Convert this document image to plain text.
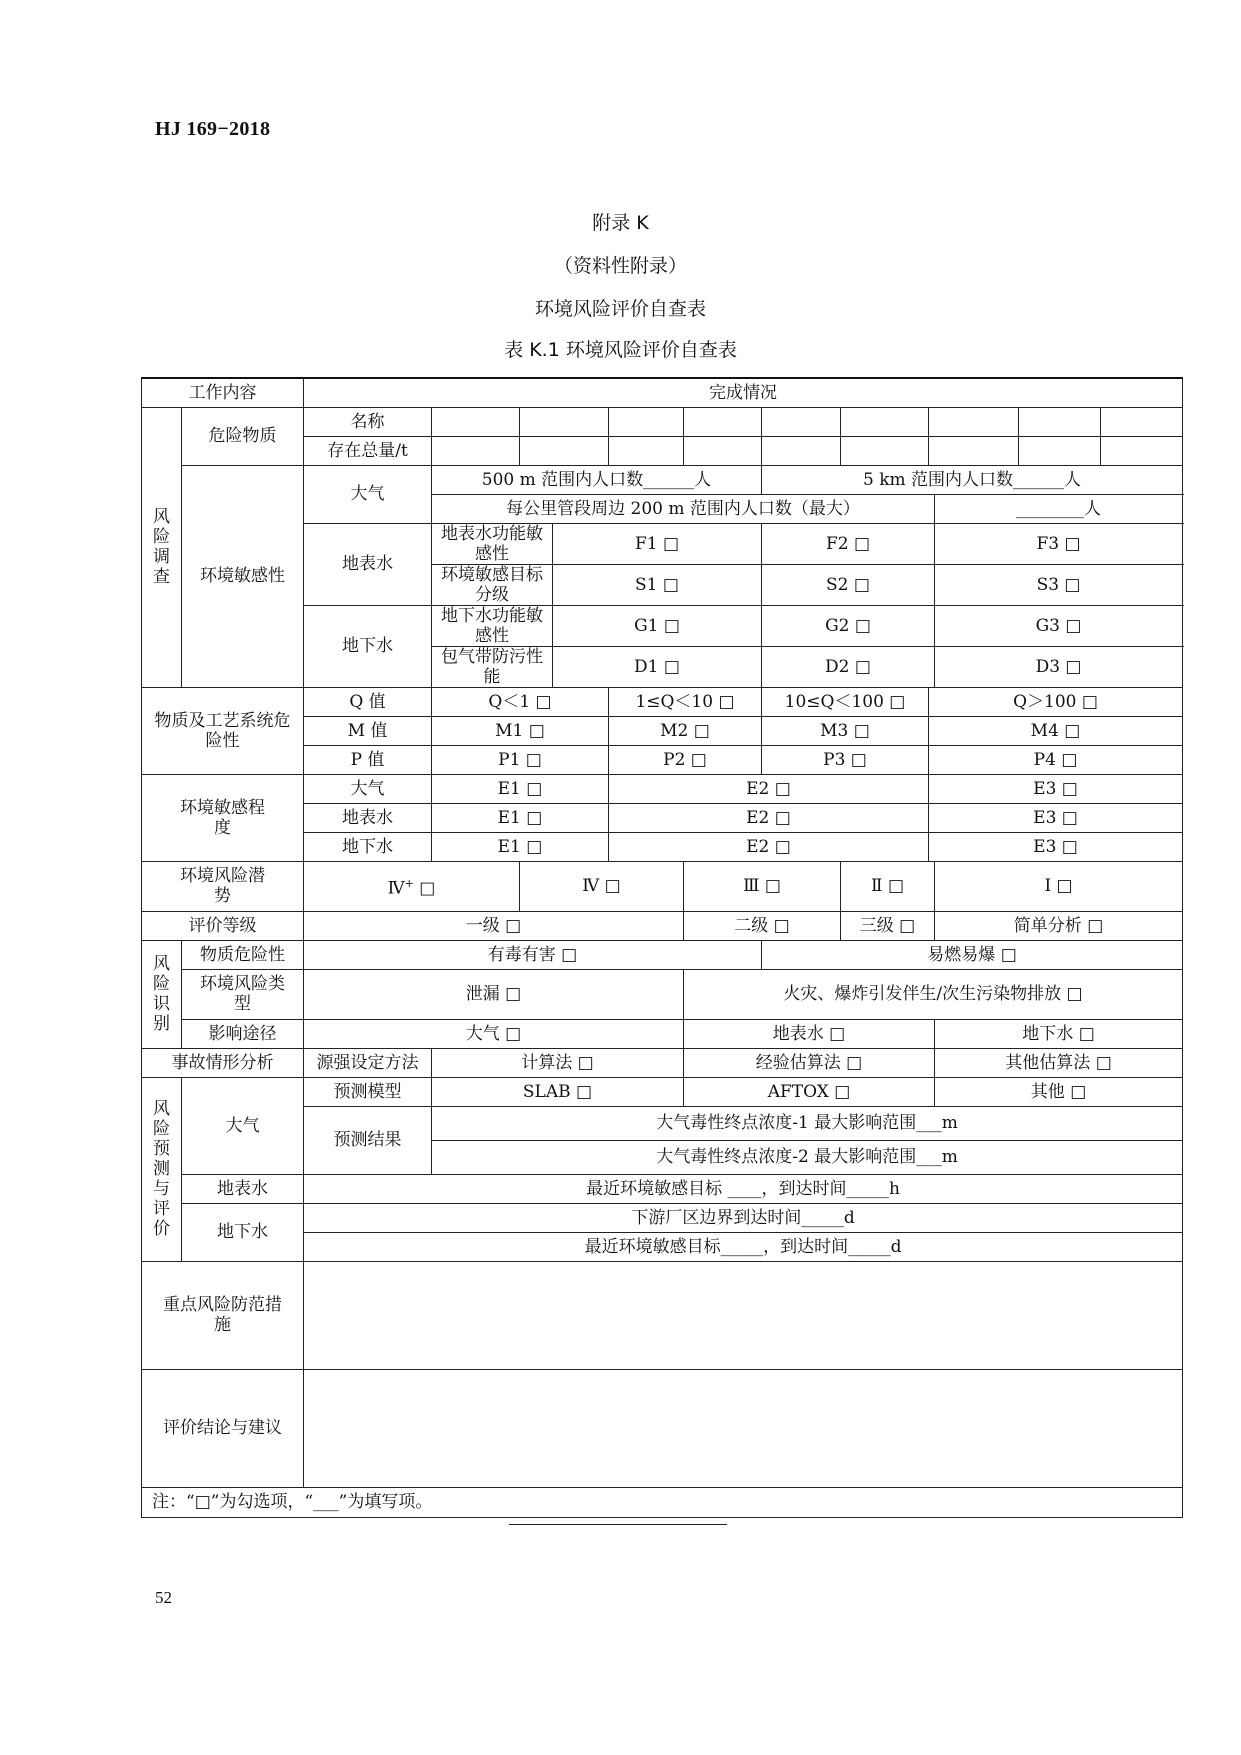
HJ 169−2018
附录 K
（资料性附录）
环境风险评价自查表
表 K.1 环境风险评价自查表
工作内容		完成情况											

风险调查	危险物质	名称											
		存在总量/t											
	环境敏感性	大气	500 m 范围内人口数______人					5 km 范围内人口数______人					
			每公里管段周边 200 m 范围内人口数（最大）								________人		
		地表水	地表水功能敏感性		F1 □			F2 □			F3 □		
			环境敏感目标分级		S1 □			S2 □			S3 □		
		地下水	地下水功能敏感性		G1 □			G2 □			G3 □		
			包气带防污性能		D1 □			D2 □			D3 □		

物质及工艺系统危险性		Q 值	Q＜1 □			1≤Q＜10 □		10≤Q＜100 □		Q＞100 □			
		M 值	M1 □			M2 □		M3 □		M4 □			
		P 值	P1 □			P2 □		P3 □		P4 □			

环境敏感程度		大气	E1 □			E2 □				E3 □			
		地表水	E1 □			E2 □				E3 □			
		地下水	E1 □			E2 □				E3 □			

环境风险潜势		Ⅳ+ □		Ⅳ □			Ⅲ □		Ⅱ □		Ⅰ □		
评价等级		一级 □					二级 □		三级 □		简单分析 □		

风险识别	物质危险性	有毒有害 □						易燃易爆 □					

	环境风险类型	泄漏 □					火灾、爆炸引发伴生/次生污染物排放 □						
	影响途径	大气 □					地表水 □				地下水 □		
事故情形分析		源强设定方法	计算法 □				经验估算法 □				其他估算法 □		

风险预测与评价	大气	预测模型	SLAB □				AFTOX □				其他 □		
		预测结果	大气毒性终点浓度-1 最大影响范围___m										
			大气毒性终点浓度-2 最大影响范围___m										
	地表水	最近环境敏感目标 ____，到达时间_____h											
	地下水	下游厂区边界到达时间_____d											
		最近环境敏感目标_____，到达时间_____d											

重点风险防范措施													

评价结论与建议													
注：“□”为勾选项，“___”为填写项。													
52
